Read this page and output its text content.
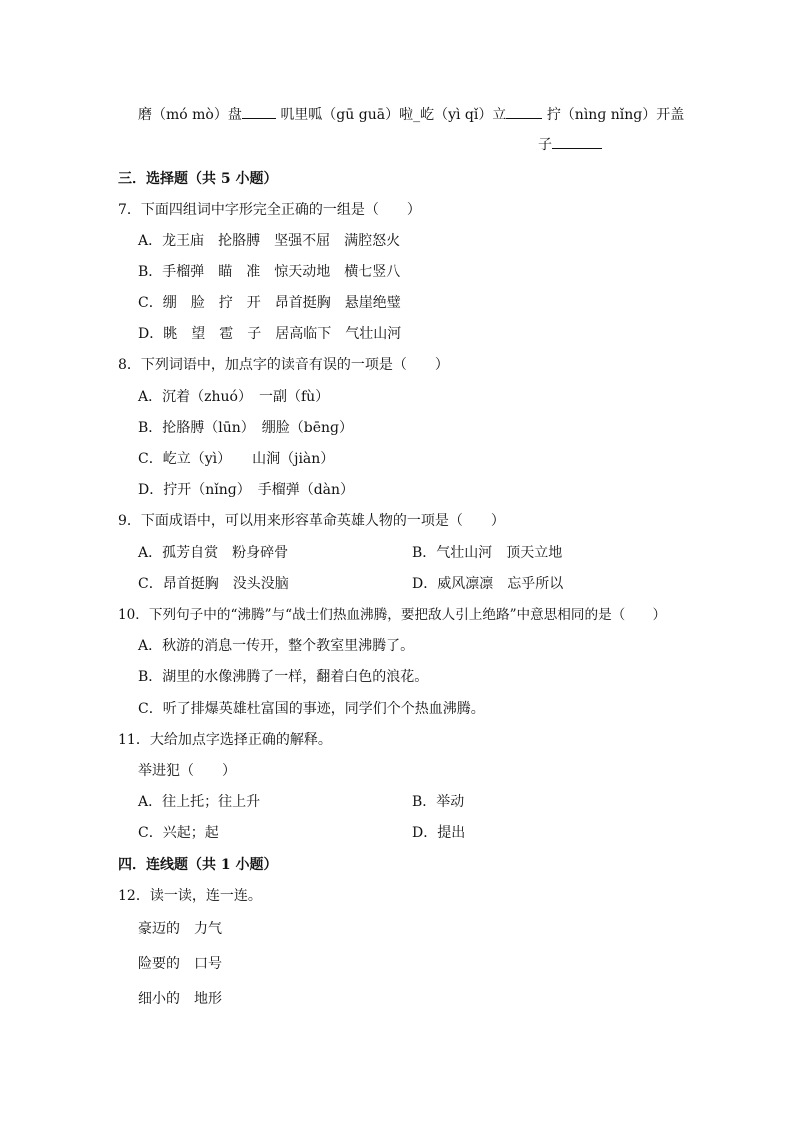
磨（mó mò）盘	叽里呱（gū guā）啦_屹（yì qǐ）立	拧（nìnɡ nǐnɡ）开盖
子
三．选择题（共 5 小题）
7．下面四组词中字形完全正确的一组是（　　）
A．龙王庙　抡胳膊　坚强不屈　满腔怒火
B．手榴弹　瞄　准　惊天动地　横七竖八
C．绷　脸　拧　开　昂首挺胸　悬崖绝璧
D．眺　望　雹　子　居高临下　气壮山河
8．下列词语中，加点字的读音有误的一项是（　　）
A．沉着（zhuó）　一副（fù）
B．抡胳膊（lūn）　绷脸（bēnɡ）
C．屹立（yì）　　山涧（jiàn）
D．拧开（nǐnɡ）　手榴弹（dàn）
9．下面成语中，可以用来形容革命英雄人物的一项是（　　）
A．孤芳自赏　粉身碎骨	B．气壮山河　顶天立地
C．昂首挺胸　没头没脑	D．威风凛凛　忘乎所以
10．下列句子中的“沸腾”与“战士们热血沸腾，要把敌人引上绝路”中意思相同的是（　　）
A．秋游的消息一传开，整个教室里沸腾了。
B．湖里的水像沸腾了一样，翻着白色的浪花。
C．听了排爆英雄杜富国的事迹，同学们个个热血沸腾。
11．大给加点字选择正确的解释。
举进犯（　　）
A．往上托；往上升	B．举动
C．兴起；起	D．提出
四．连线题（共 1 小题）
12．读一读，连一连。
豪迈的 力气
险要的 口号
细小的 地形
